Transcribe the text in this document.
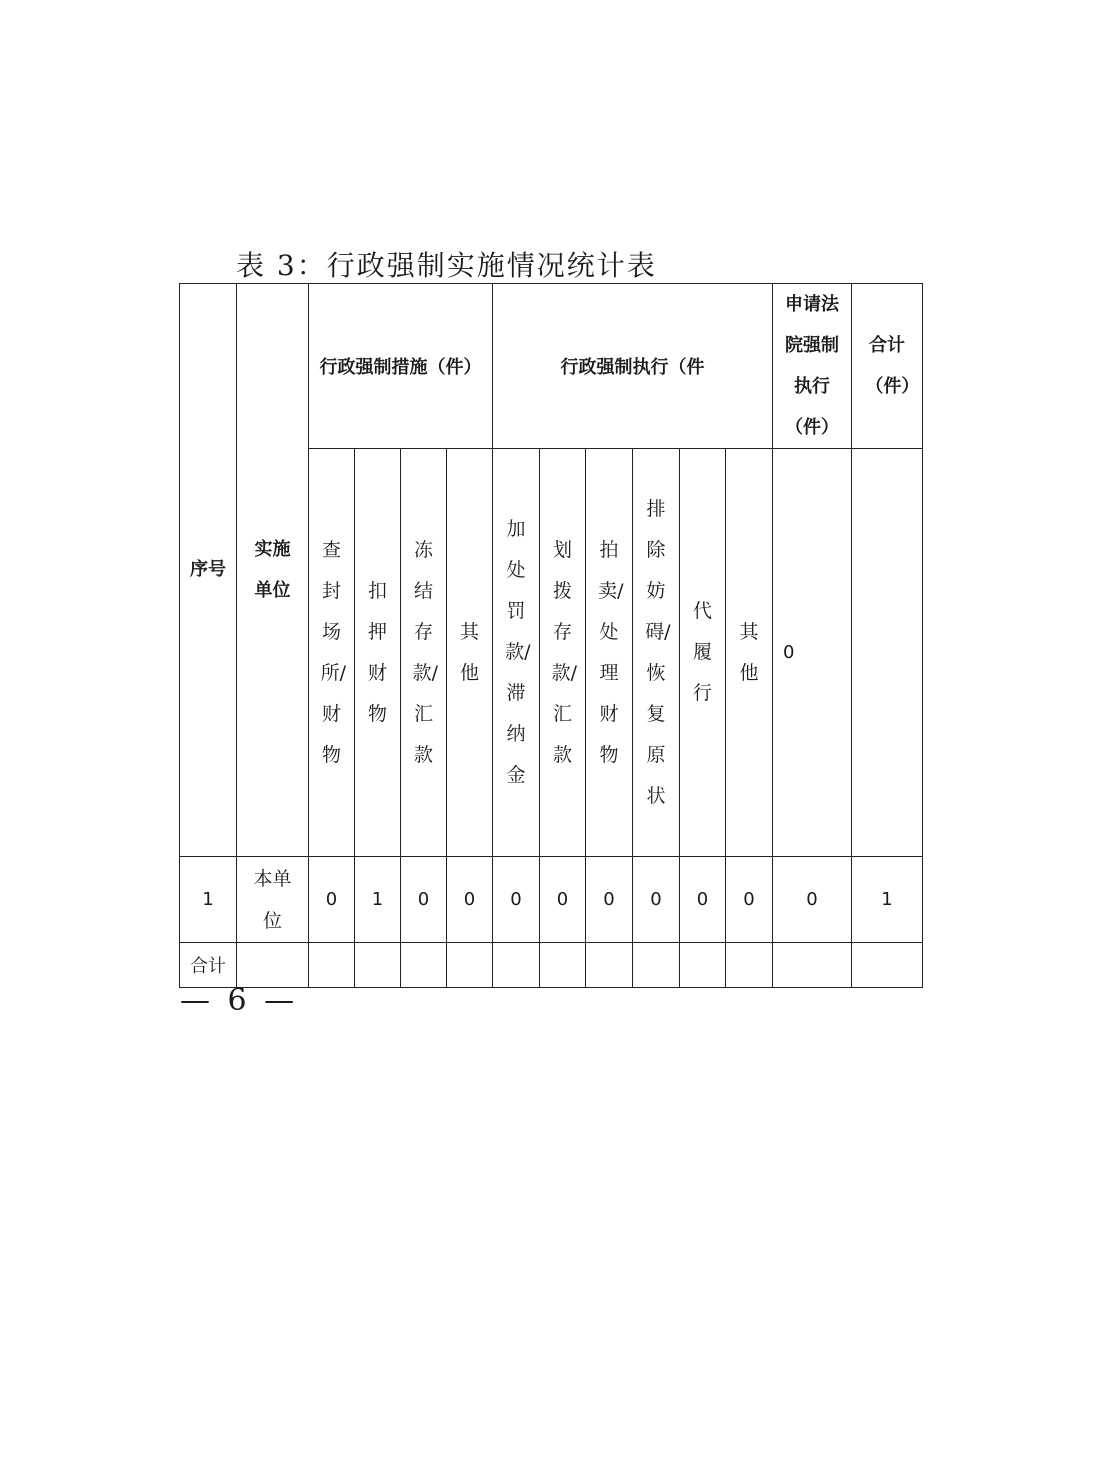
表 3：行政强制实施情况统计表
序号	实施单位	行政强制措施（件）				行政强制执行（件						申请法院强制执行（件）	合计（件）
		查封场所/财物	扣押财物	冻结存款/汇款	其他	加处罚款/滞纳金	划拨存款/汇款	拍卖/处理财物	排除妨碍/恢复原状	代履行	其他	0	
1	本单位	0	1	0	0	0	0	0	0	0	0	0	1
合计													
— 6 —
